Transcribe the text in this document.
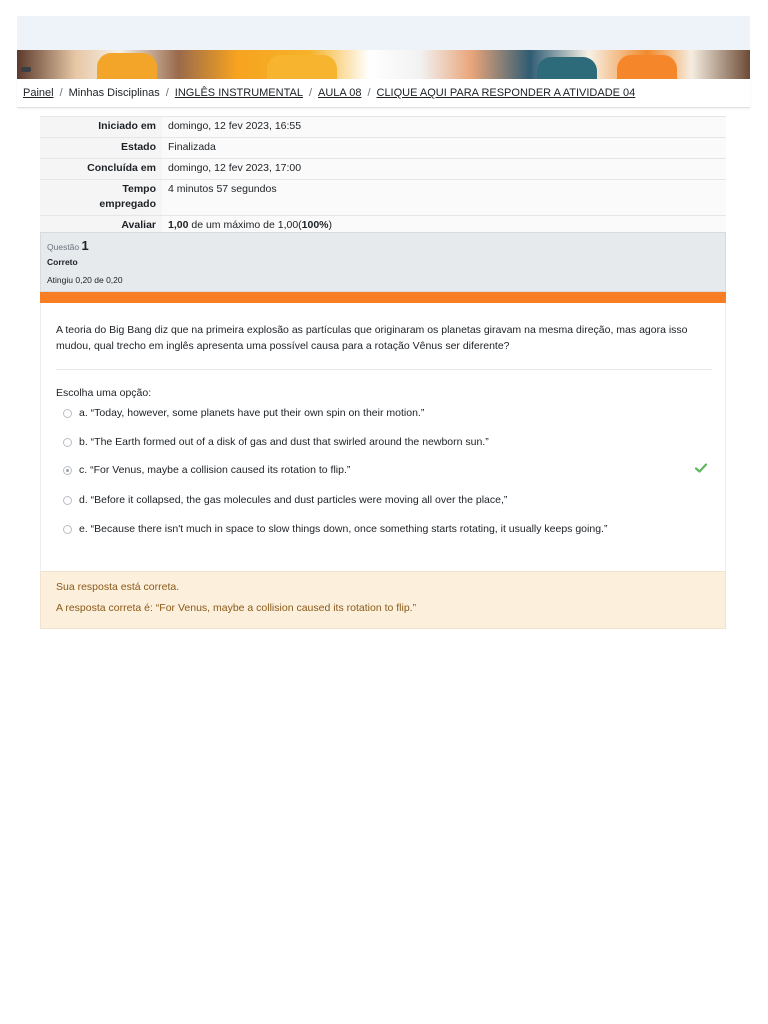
Painel / Minhas Disciplinas / INGLÊS INSTRUMENTAL / AULA 08 / CLIQUE AQUI PARA RESPONDER A ATIVIDADE 04
Iniciado em	domingo, 12 fev 2023, 16:55
Estado	Finalizada
Concluída em	domingo, 12 fev 2023, 17:00
Tempo
empregado	4 minutos 57 segundos
Avaliar	1,00 de um máximo de 1,00(100%)
Questão 1
Correto
Atingiu 0,20 de 0,20
A teoria do Big Bang diz que na primeira explosão as partículas que originaram os planetas giravam na mesma direção, mas agora isso mudou, qual trecho em inglês apresenta uma possível causa para a rotação Vênus ser diferente?
Escolha uma opção:
a. “Today, however, some planets have put their own spin on their motion.”
b. “The Earth formed out of a disk of gas and dust that swirled around the newborn sun.”
c. “For Venus, maybe a collision caused its rotation to flip.”
d. “Before it collapsed, the gas molecules and dust particles were moving all over the place,”
e. “Because there isn't much in space to slow things down, once something starts rotating, it usually keeps going.”
Sua resposta está correta.
A resposta correta é: “For Venus, maybe a collision caused its rotation to flip.”
